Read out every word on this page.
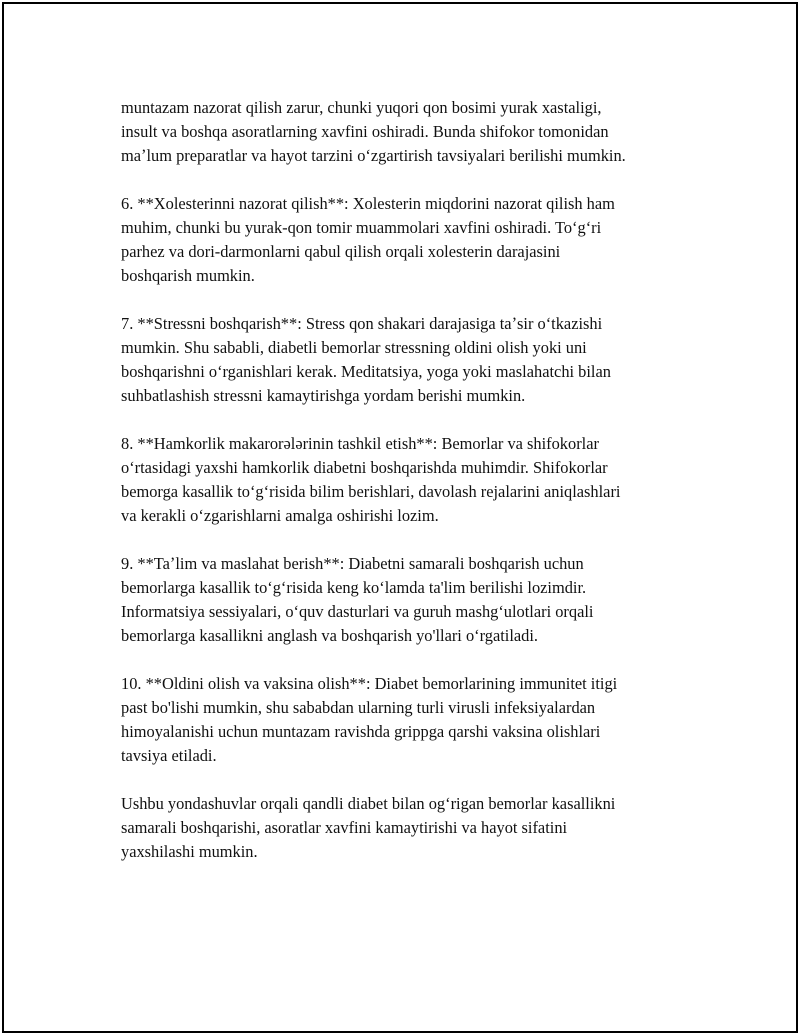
muntazam nazorat qilish zarur, chunki yuqori qon bosimi yurak xastaligi,
insult va boshqa asoratlarning xavfini oshiradi. Bunda shifokor tomonidan
maʼlum preparatlar va hayot tarzini oʻzgartirish tavsiyalari berilishi mumkin.

6. **Xolesterinni nazorat qilish**: Xolesterin miqdorini nazorat qilish ham
muhim, chunki bu yurak-qon tomir muammolari xavfini oshiradi. Toʻgʻri
parhez va dori-darmonlarni qabul qilish orqali xolesterin darajasini
boshqarish mumkin.

7. **Stressni boshqarish**: Stress qon shakari darajasiga taʼsir oʻtkazishi
mumkin. Shu sababli, diabetli bemorlar stressning oldini olish yoki uni
boshqarishni oʻrganishlari kerak. Meditatsiya, yoga yoki maslahatchi bilan
suhbatlashish stressni kamaytirishga yordam berishi mumkin.

8. **Hamkorlik makarorələrinin tashkil etish**: Bemorlar va shifokorlar
oʻrtasidagi yaxshi hamkorlik diabetni boshqarishda muhimdir. Shifokorlar
bemorga kasallik toʻgʻrisida bilim berishlari, davolash rejalarini aniqlashlari
va kerakli oʻzgarishlarni amalga oshirishi lozim.

9. **Taʼlim va maslahat berish**: Diabetni samarali boshqarish uchun
bemorlarga kasallik toʻgʻrisida keng koʻlamda ta'lim berilishi lozimdir.
Informatsiya sessiyalari, oʻquv dasturlari va guruh mashgʻulotlari orqali
bemorlarga kasallikni anglash va boshqarish yo'llari oʻrgatiladi.

10. **Oldini olish va vaksina olish**: Diabet bemorlarining immunitet itigi
past bo'lishi mumkin, shu sababdan ularning turli virusli infeksiyalardan
himoyalanishi uchun muntazam ravishda grippga qarshi vaksina olishlari
tavsiya etiladi.

Ushbu yondashuvlar orqali qandli diabet bilan ogʻrigan bemorlar kasallikni
samarali boshqarishi, asoratlar xavfini kamaytirishi va hayot sifatini
yaxshilashi mumkin.
